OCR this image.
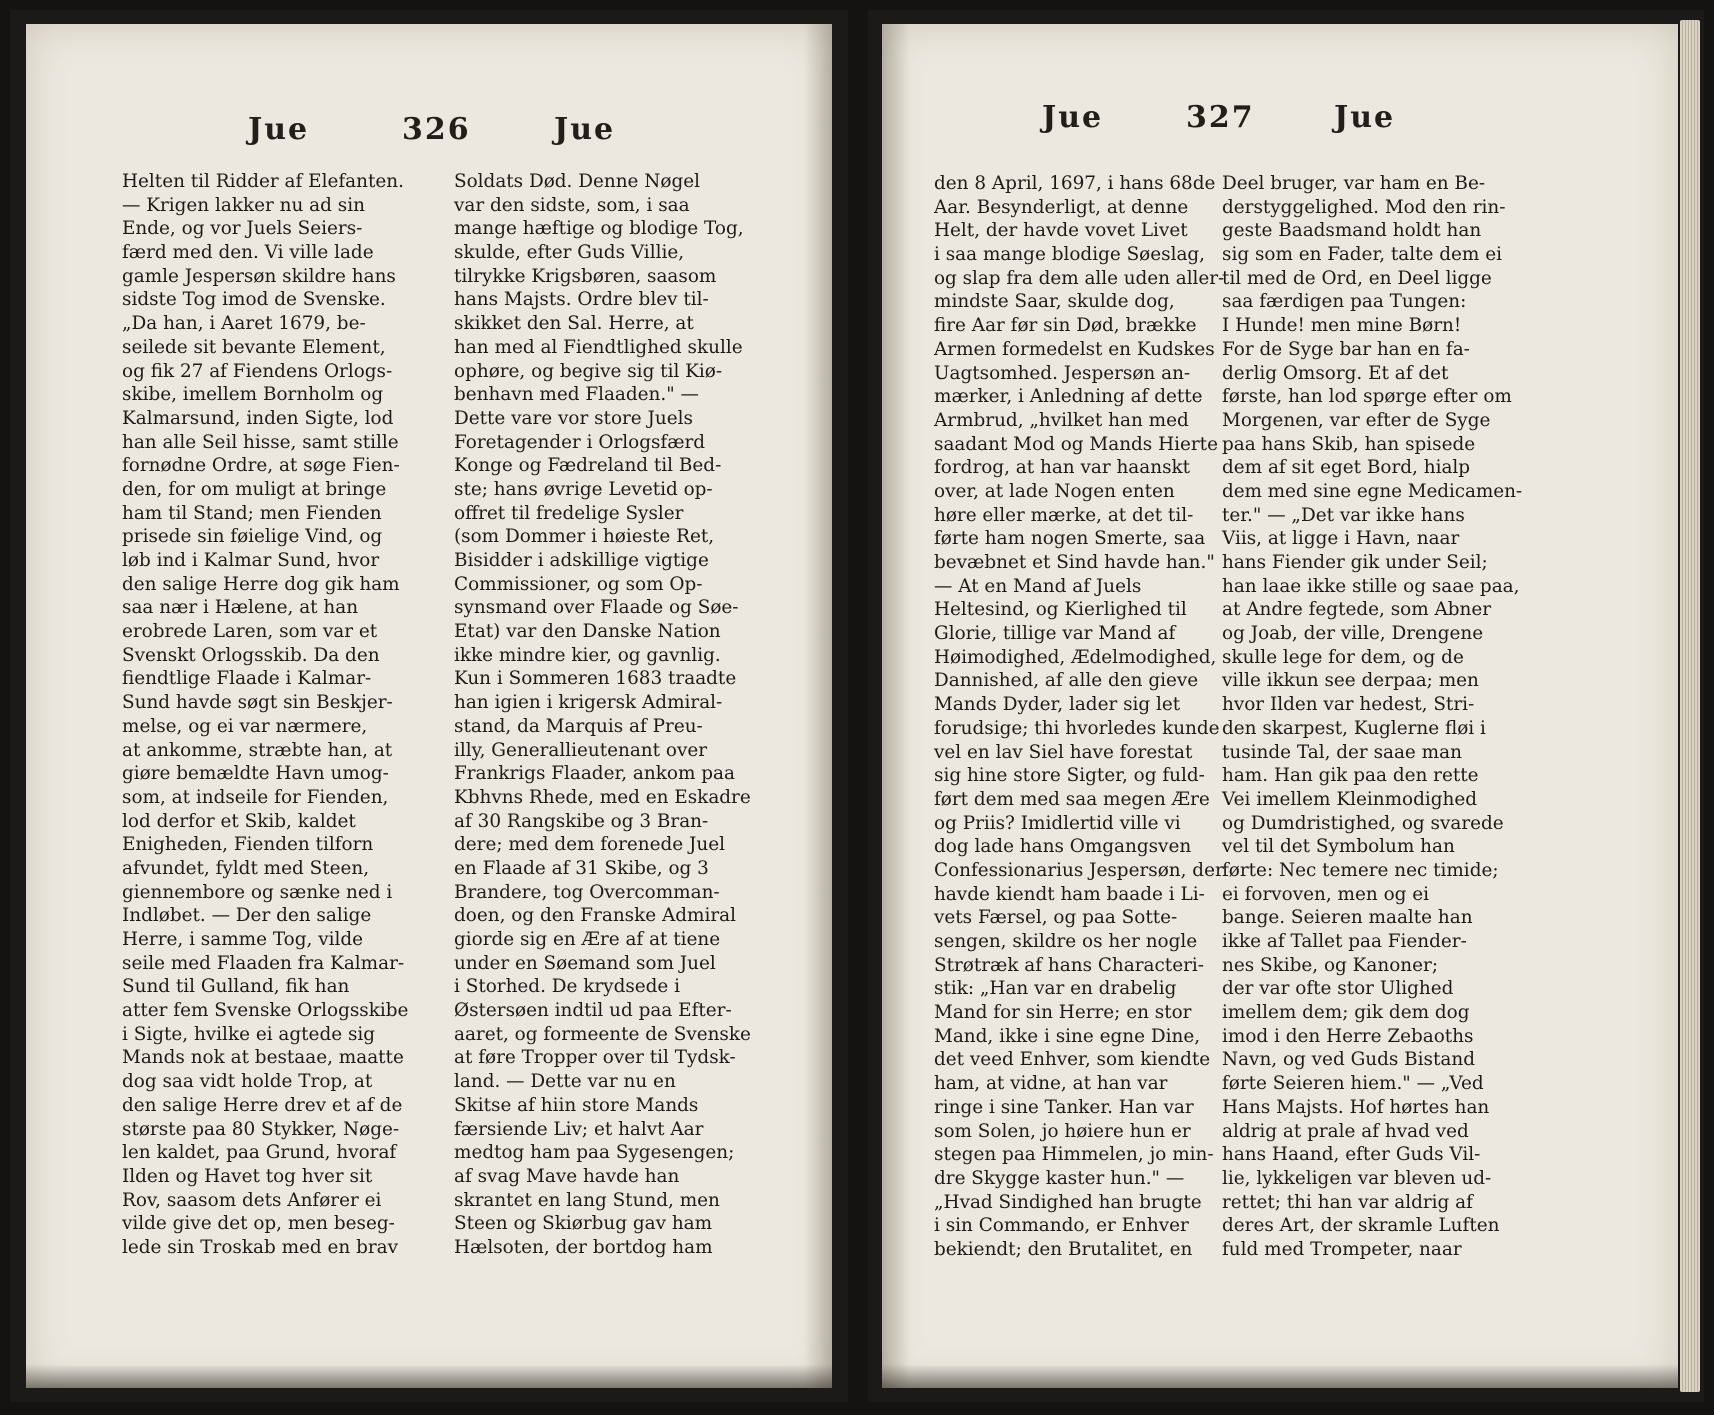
Jue	326	Jue
Helten til Ridder af Elefanten.
— Krigen lakker nu ad sin
Ende, og vor Juels Seiers-
færd med den. Vi ville lade
gamle Jespersøn skildre hans
sidste Tog imod de Svenske.
„Da han, i Aaret 1679, be-
seilede sit bevante Element,
og fik 27 af Fiendens Orlogs-
skibe, imellem Bornholm og
Kalmarsund, inden Sigte, lod
han alle Seil hisse, samt stille
fornødne Ordre, at søge Fien-
den, for om muligt at bringe
ham til Stand; men Fienden
prisede sin føielige Vind, og
løb ind i Kalmar Sund, hvor
den salige Herre dog gik ham
saa nær i Hælene, at han
erobrede Laren, som var et
Svenskt Orlogsskib. Da den
fiendtlige Flaade i Kalmar-
Sund havde søgt sin Beskjer-
melse, og ei var nærmere,
at ankomme, stræbte han, at
giøre bemældte Havn umog-
som, at indseile for Fienden,
lod derfor et Skib, kaldet
Enigheden, Fienden tilforn
afvundet, fyldt med Steen,
giennembore og sænke ned i
Indløbet. — Der den salige
Herre, i samme Tog, vilde
seile med Flaaden fra Kalmar-
Sund til Gulland, fik han
atter fem Svenske Orlogsskibe
i Sigte, hvilke ei agtede sig
Mands nok at bestaae, maatte
dog saa vidt holde Trop, at
den salige Herre drev et af de
største paa 80 Stykker, Nøge-
len kaldet, paa Grund, hvoraf
Ilden og Havet tog hver sit
Rov, saasom dets Anfører ei
vilde give det op, men beseg-
lede sin Troskab med en brav
Soldats Død. Denne Nøgel
var den sidste, som, i saa
mange hæftige og blodige Tog,
skulde, efter Guds Villie,
tilrykke Krigsbøren, saasom
hans Majsts. Ordre blev til-
skikket den Sal. Herre, at
han med al Fiendtlighed skulle
ophøre, og begive sig til Kiø-
benhavn med Flaaden." —
Dette vare vor store Juels
Foretagender i Orlogsfærd
Konge og Fædreland til Bed-
ste; hans øvrige Levetid op-
offret til fredelige Sysler
(som Dommer i høieste Ret,
Bisidder i adskillige vigtige
Commissioner, og som Op-
synsmand over Flaade og Søe-
Etat) var den Danske Nation
ikke mindre kier, og gavnlig.
Kun i Sommeren 1683 traadte
han igien i krigersk Admiral-
stand, da Marquis af Preu-
illy, Generallieutenant over
Frankrigs Flaader, ankom paa
Kbhvns Rhede, med en Eskadre
af 30 Rangskibe og 3 Bran-
dere; med dem forenede Juel
en Flaade af 31 Skibe, og 3
Brandere, tog Overcomman-
doen, og den Franske Admiral
giorde sig en Ære af at tiene
under en Søemand som Juel
i Storhed. De krydsede i
Østersøen indtil ud paa Efter-
aaret, og formeente de Svenske
at føre Tropper over til Tydsk-
land. — Dette var nu en
Skitse af hiin store Mands
færsiende Liv; et halvt Aar
medtog ham paa Sygesengen;
af svag Mave havde han
skrantet en lang Stund, men
Steen og Skiørbug gav ham
Hælsoten, der bortdog ham
Jue	327	Jue
den 8 April, 1697, i hans 68de
Aar. Besynderligt, at denne
Helt, der havde vovet Livet
i saa mange blodige Søeslag,
og slap fra dem alle uden aller-
mindste Saar, skulde dog,
fire Aar før sin Død, brække
Armen formedelst en Kudskes
Uagtsomhed. Jespersøn an-
mærker, i Anledning af dette
Armbrud, „hvilket han med
saadant Mod og Mands Hierte
fordrog, at han var haanskt
over, at lade Nogen enten
høre eller mærke, at det til-
førte ham nogen Smerte, saa
bevæbnet et Sind havde han."
— At en Mand af Juels
Heltesind, og Kierlighed til
Glorie, tillige var Mand af
Høimodighed, Ædelmodighed,
Dannished, af alle den gieve
Mands Dyder, lader sig let
forudsige; thi hvorledes kunde
vel en lav Siel have forestat
sig hine store Sigter, og fuld-
ført dem med saa megen Ære
og Priis? Imidlertid ville vi
dog lade hans Omgangsven
Confessionarius Jespersøn, der
havde kiendt ham baade i Li-
vets Færsel, og paa Sotte-
sengen, skildre os her nogle
Strøtræk af hans Characteri-
stik: „Han var en drabelig
Mand for sin Herre; en stor
Mand, ikke i sine egne Dine,
det veed Enhver, som kiendte
ham, at vidne, at han var
ringe i sine Tanker. Han var
som Solen, jo høiere hun er
stegen paa Himmelen, jo min-
dre Skygge kaster hun." —
„Hvad Sindighed han brugte
i sin Commando, er Enhver
bekiendt; den Brutalitet, en
Deel bruger, var ham en Be-
derstyggelighed. Mod den rin-
geste Baadsmand holdt han
sig som en Fader, talte dem ei
til med de Ord, en Deel ligge
saa færdigen paa Tungen:
I Hunde! men mine Børn!
For de Syge bar han en fa-
derlig Omsorg. Et af det
første, han lod spørge efter om
Morgenen, var efter de Syge
paa hans Skib, han spisede
dem af sit eget Bord, hialp
dem med sine egne Medicamen-
ter." — „Det var ikke hans
Viis, at ligge i Havn, naar
hans Fiender gik under Seil;
han laae ikke stille og saae paa,
at Andre fegtede, som Abner
og Joab, der ville, Drengene
skulle lege for dem, og de
ville ikkun see derpaa; men
hvor Ilden var hedest, Stri-
den skarpest, Kuglerne fløi i
tusinde Tal, der saae man
ham. Han gik paa den rette
Vei imellem Kleinmodighed
og Dumdristighed, og svarede
vel til det Symbolum han
førte: Nec temere nec timide;
ei forvoven, men og ei
bange. Seieren maalte han
ikke af Tallet paa Fiender-
nes Skibe, og Kanoner;
der var ofte stor Ulighed
imellem dem; gik dem dog
imod i den Herre Zebaoths
Navn, og ved Guds Bistand
førte Seieren hiem." — „Ved
Hans Majsts. Hof hørtes han
aldrig at prale af hvad ved
hans Haand, efter Guds Vil-
lie, lykkeligen var bleven ud-
rettet; thi han var aldrig af
deres Art, der skramle Luften
fuld med Trompeter, naar
